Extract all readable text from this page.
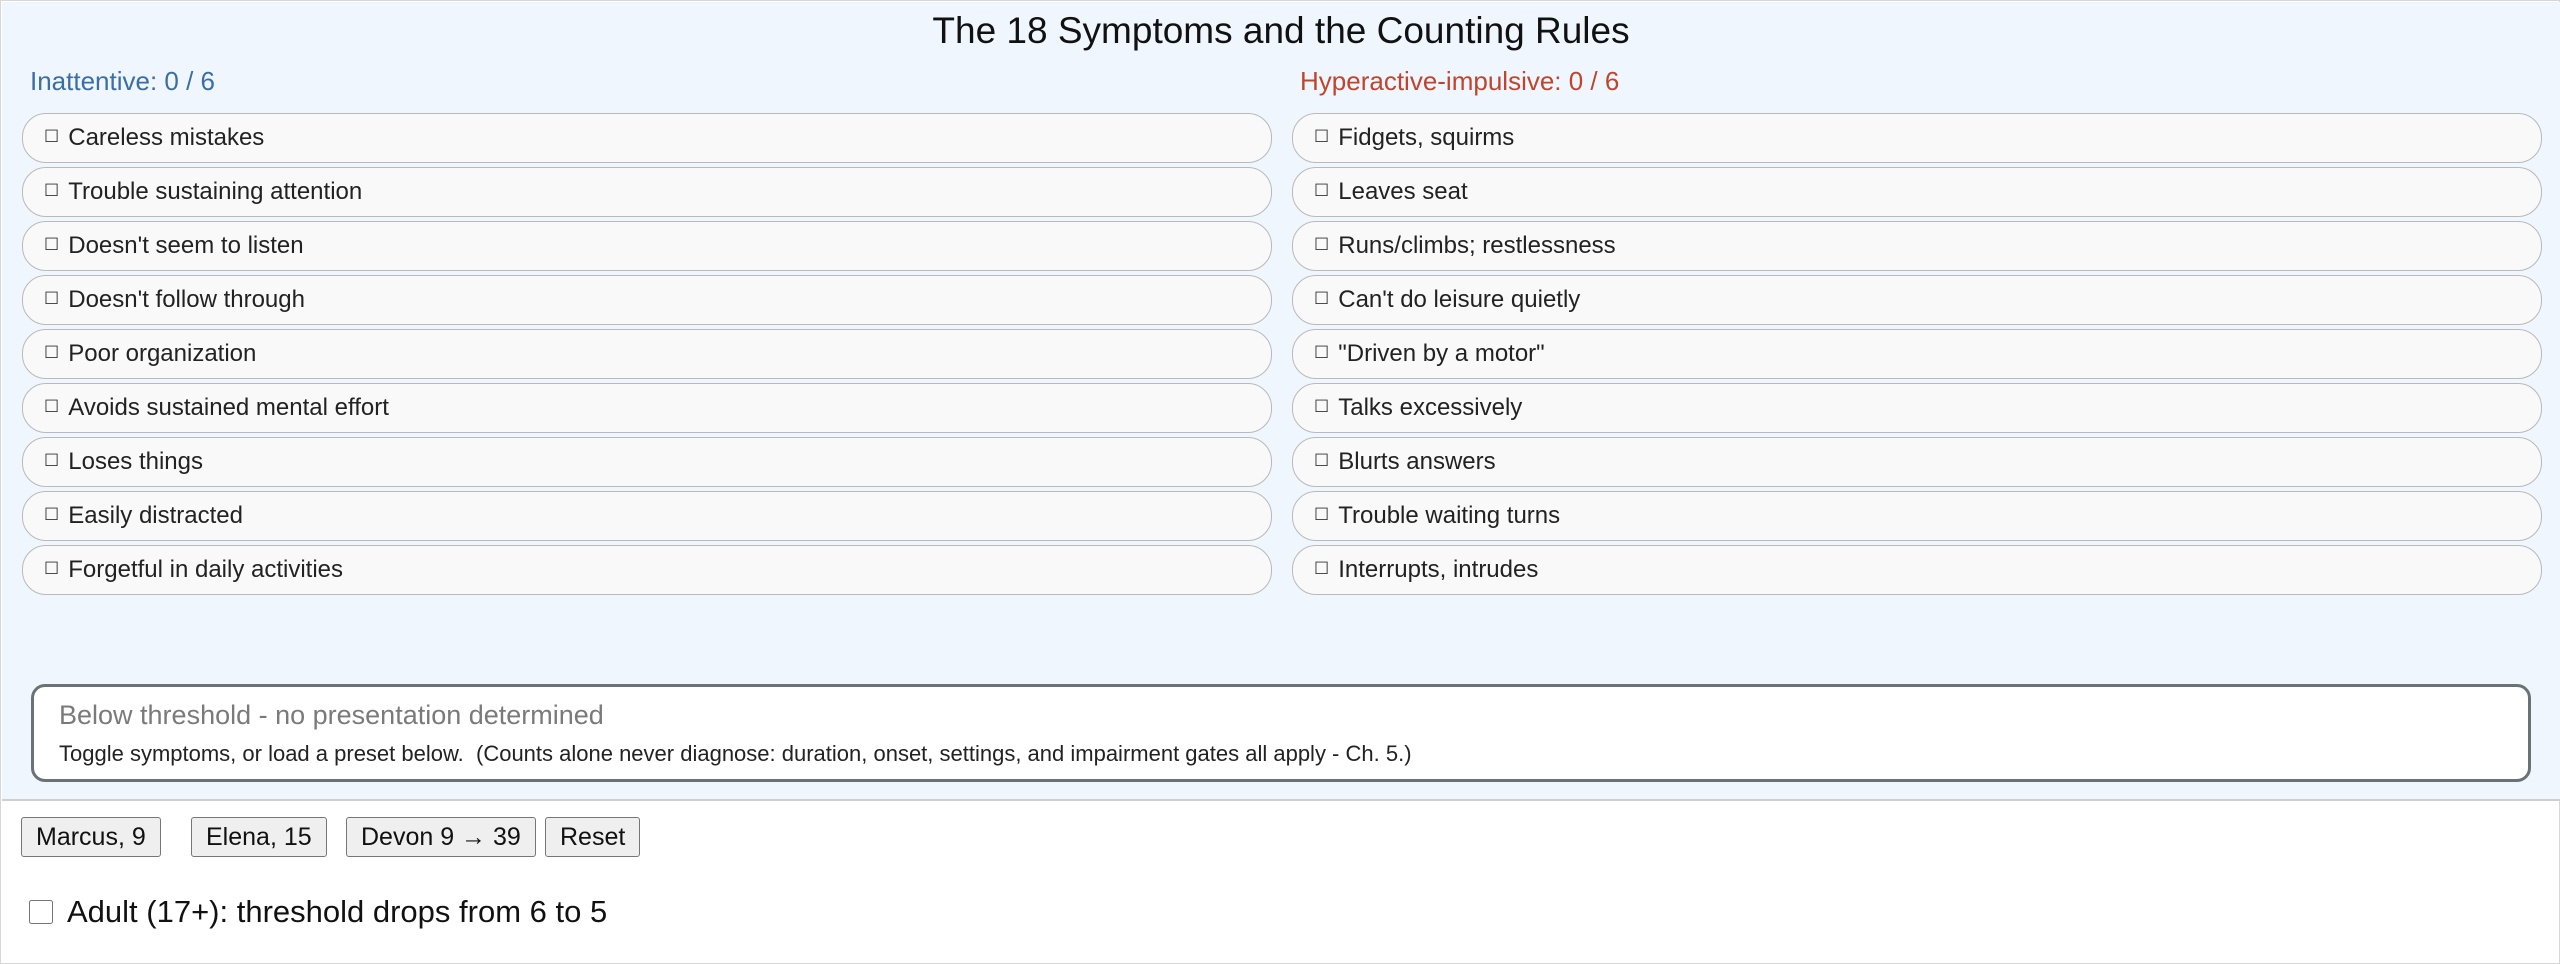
The 18 Symptoms and the Counting Rules
Inattentive: 0 / 6	Hyperactive-impulsive: 0 / 6
☐ Careless mistakes
☐ Trouble sustaining attention
☐ Doesn't seem to listen
☐ Doesn't follow through
☐ Poor organization
☐ Avoids sustained mental effort
☐ Loses things
☐ Easily distracted
☐ Forgetful in daily activities
☐ Fidgets, squirms
☐ Leaves seat
☐ Runs/climbs; restlessness
☐ Can't do leisure quietly
☐ "Driven by a motor"
☐ Talks excessively
☐ Blurts answers
☐ Trouble waiting turns
☐ Interrupts, intrudes
Below threshold - no presentation determined
Toggle symptoms, or load a preset below.  (Counts alone never diagnose: duration, onset, settings, and impairment gates all apply - Ch. 5.)
Marcus, 9	Elena, 15	Devon 9 → 39	Reset
Adult (17+): threshold drops from 6 to 5
